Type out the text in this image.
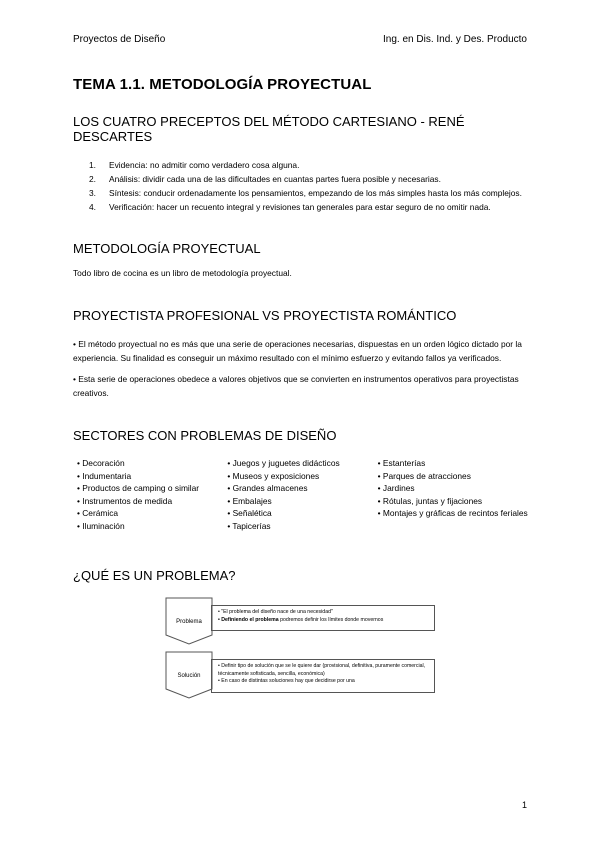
Proyectos de Diseño	Ing. en Dis. Ind. y Des. Producto
TEMA 1.1. METODOLOGÍA PROYECTUAL
LOS CUATRO PRECEPTOS DEL MÉTODO CARTESIANO - RENÉ DESCARTES
1.	Evidencia: no admitir como verdadero cosa alguna.
2.	Análisis: dividir cada una de las dificultades en cuantas partes fuera posible y necesarias.
3.	Síntesis: conducir ordenadamente los pensamientos, empezando de los más simples hasta los más complejos.
4.	Verificación: hacer un recuento integral y revisiones tan generales para estar seguro de no omitir nada.
METODOLOGÍA PROYECTUAL

Todo libro de cocina es un libro de metodología proyectual.

PROYECTISTA PROFESIONAL VS PROYECTISTA ROMÁNTICO

• El método proyectual no es más que una serie de operaciones necesarias, dispuestas en un orden lógico dictado por la experiencia. Su finalidad es conseguir un máximo resultado con el mínimo esfuerzo y evitando fallos ya verificados.

• Esta serie de operaciones obedece a valores objetivos que se convierten en instrumentos operativos para proyectistas creativos.

SECTORES CON PROBLEMAS DE DISEÑO
• Decoración
• Indumentaria
• Productos de camping o similar
• Instrumentos de medida
• Cerámica
• Iluminación
• Juegos y juguetes didácticos
• Museos y exposiciones
• Grandes almacenes
• Embalajes
• Señalética
• Tapicerías
• Estanterías
• Parques de atracciones
• Jardines
• Rótulas, juntas y fijaciones
• Montajes y gráficas de recintos feriales
¿QUÉ ES UN PROBLEMA?
Problema
• "El problema del diseño nace de una necesidad"
• Definiendo el problema podremos definir los límites donde movernos
Solución
• Definir tipo de solución que se le quiere dar (provisional, definitiva, puramente comercial, técnicamente sofisticada, sencilla, económica)
• En caso de distintas soluciones hay que decidirse por una
1
